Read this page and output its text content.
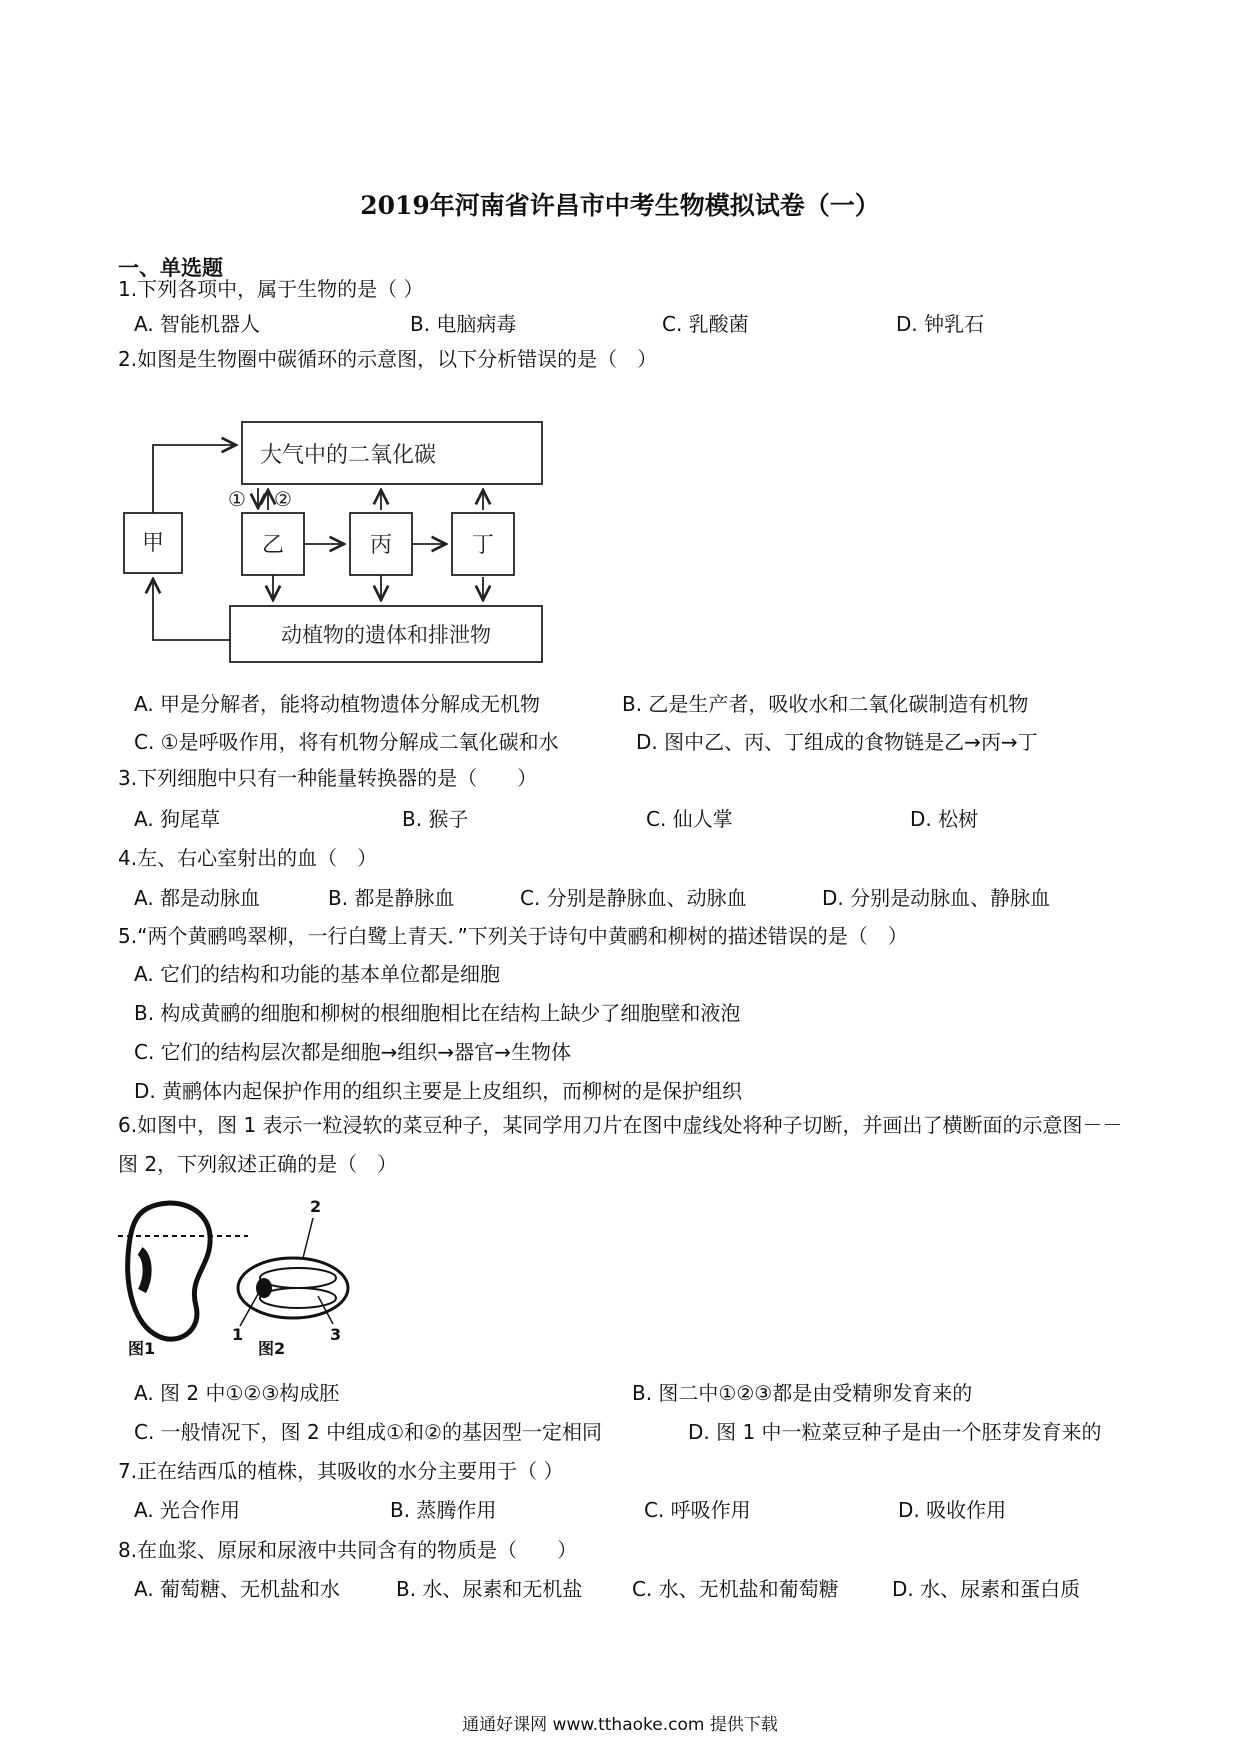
2019年河南省许昌市中考生物模拟试卷（一）
一、单选题
1.下列各项中，属于生物的是（ ）
A. 智能机器人	B. 电脑病毒	C. 乳酸菌	D. 钟乳石
2.如图是生物圈中碳循环的示意图，以下分析错误的是（　）
大气中的二氧化碳
甲	乙	丙	丁
动植物的遗体和排泄物
① ②
A. 甲是分解者，能将动植物遗体分解成无机物	B. 乙是生产者，吸收水和二氧化碳制造有机物
C. ①是呼吸作用，将有机物分解成二氧化碳和水	D. 图中乙、丙、丁组成的食物链是乙→丙→丁
3.下列细胞中只有一种能量转换器的是（　　）
A. 狗尾草	B. 猴子	C. 仙人掌	D. 松树
4.左、右心室射出的血（　）
A. 都是动脉血	B. 都是静脉血	C. 分别是静脉血、动脉血	D. 分别是动脉血、静脉血
5.“两个黄鹂鸣翠柳，一行白鹭上青天．”下列关于诗句中黄鹂和柳树的描述错误的是（　）
A. 它们的结构和功能的基本单位都是细胞
B. 构成黄鹂的细胞和柳树的根细胞相比在结构上缺少了细胞壁和液泡
C. 它们的结构层次都是细胞→组织→器官→生物体
D. 黄鹂体内起保护作用的组织主要是上皮组织，而柳树的是保护组织
6.如图中，图 1 表示一粒浸软的菜豆种子，某同学用刀片在图中虚线处将种子切断，并画出了横断面的示意图－－图 2，下列叙述正确的是（　）
2
1	3
图1	图2
A. 图 2 中①②③构成胚	B. 图二中①②③都是由受精卵发育来的
C. 一般情况下，图 2 中组成①和②的基因型一定相同	D. 图 1 中一粒菜豆种子是由一个胚芽发育来的
7.正在结西瓜的植株，其吸收的水分主要用于（ ）
A. 光合作用	B. 蒸腾作用	C. 呼吸作用	D. 吸收作用
8.在血浆、原尿和尿液中共同含有的物质是（　　）
A. 葡萄糖、无机盐和水	B. 水、尿素和无机盐 C. 水、无机盐和葡萄糖	D. 水、尿素和蛋白质
通通好课网 www.tthaoke.com 提供下载
